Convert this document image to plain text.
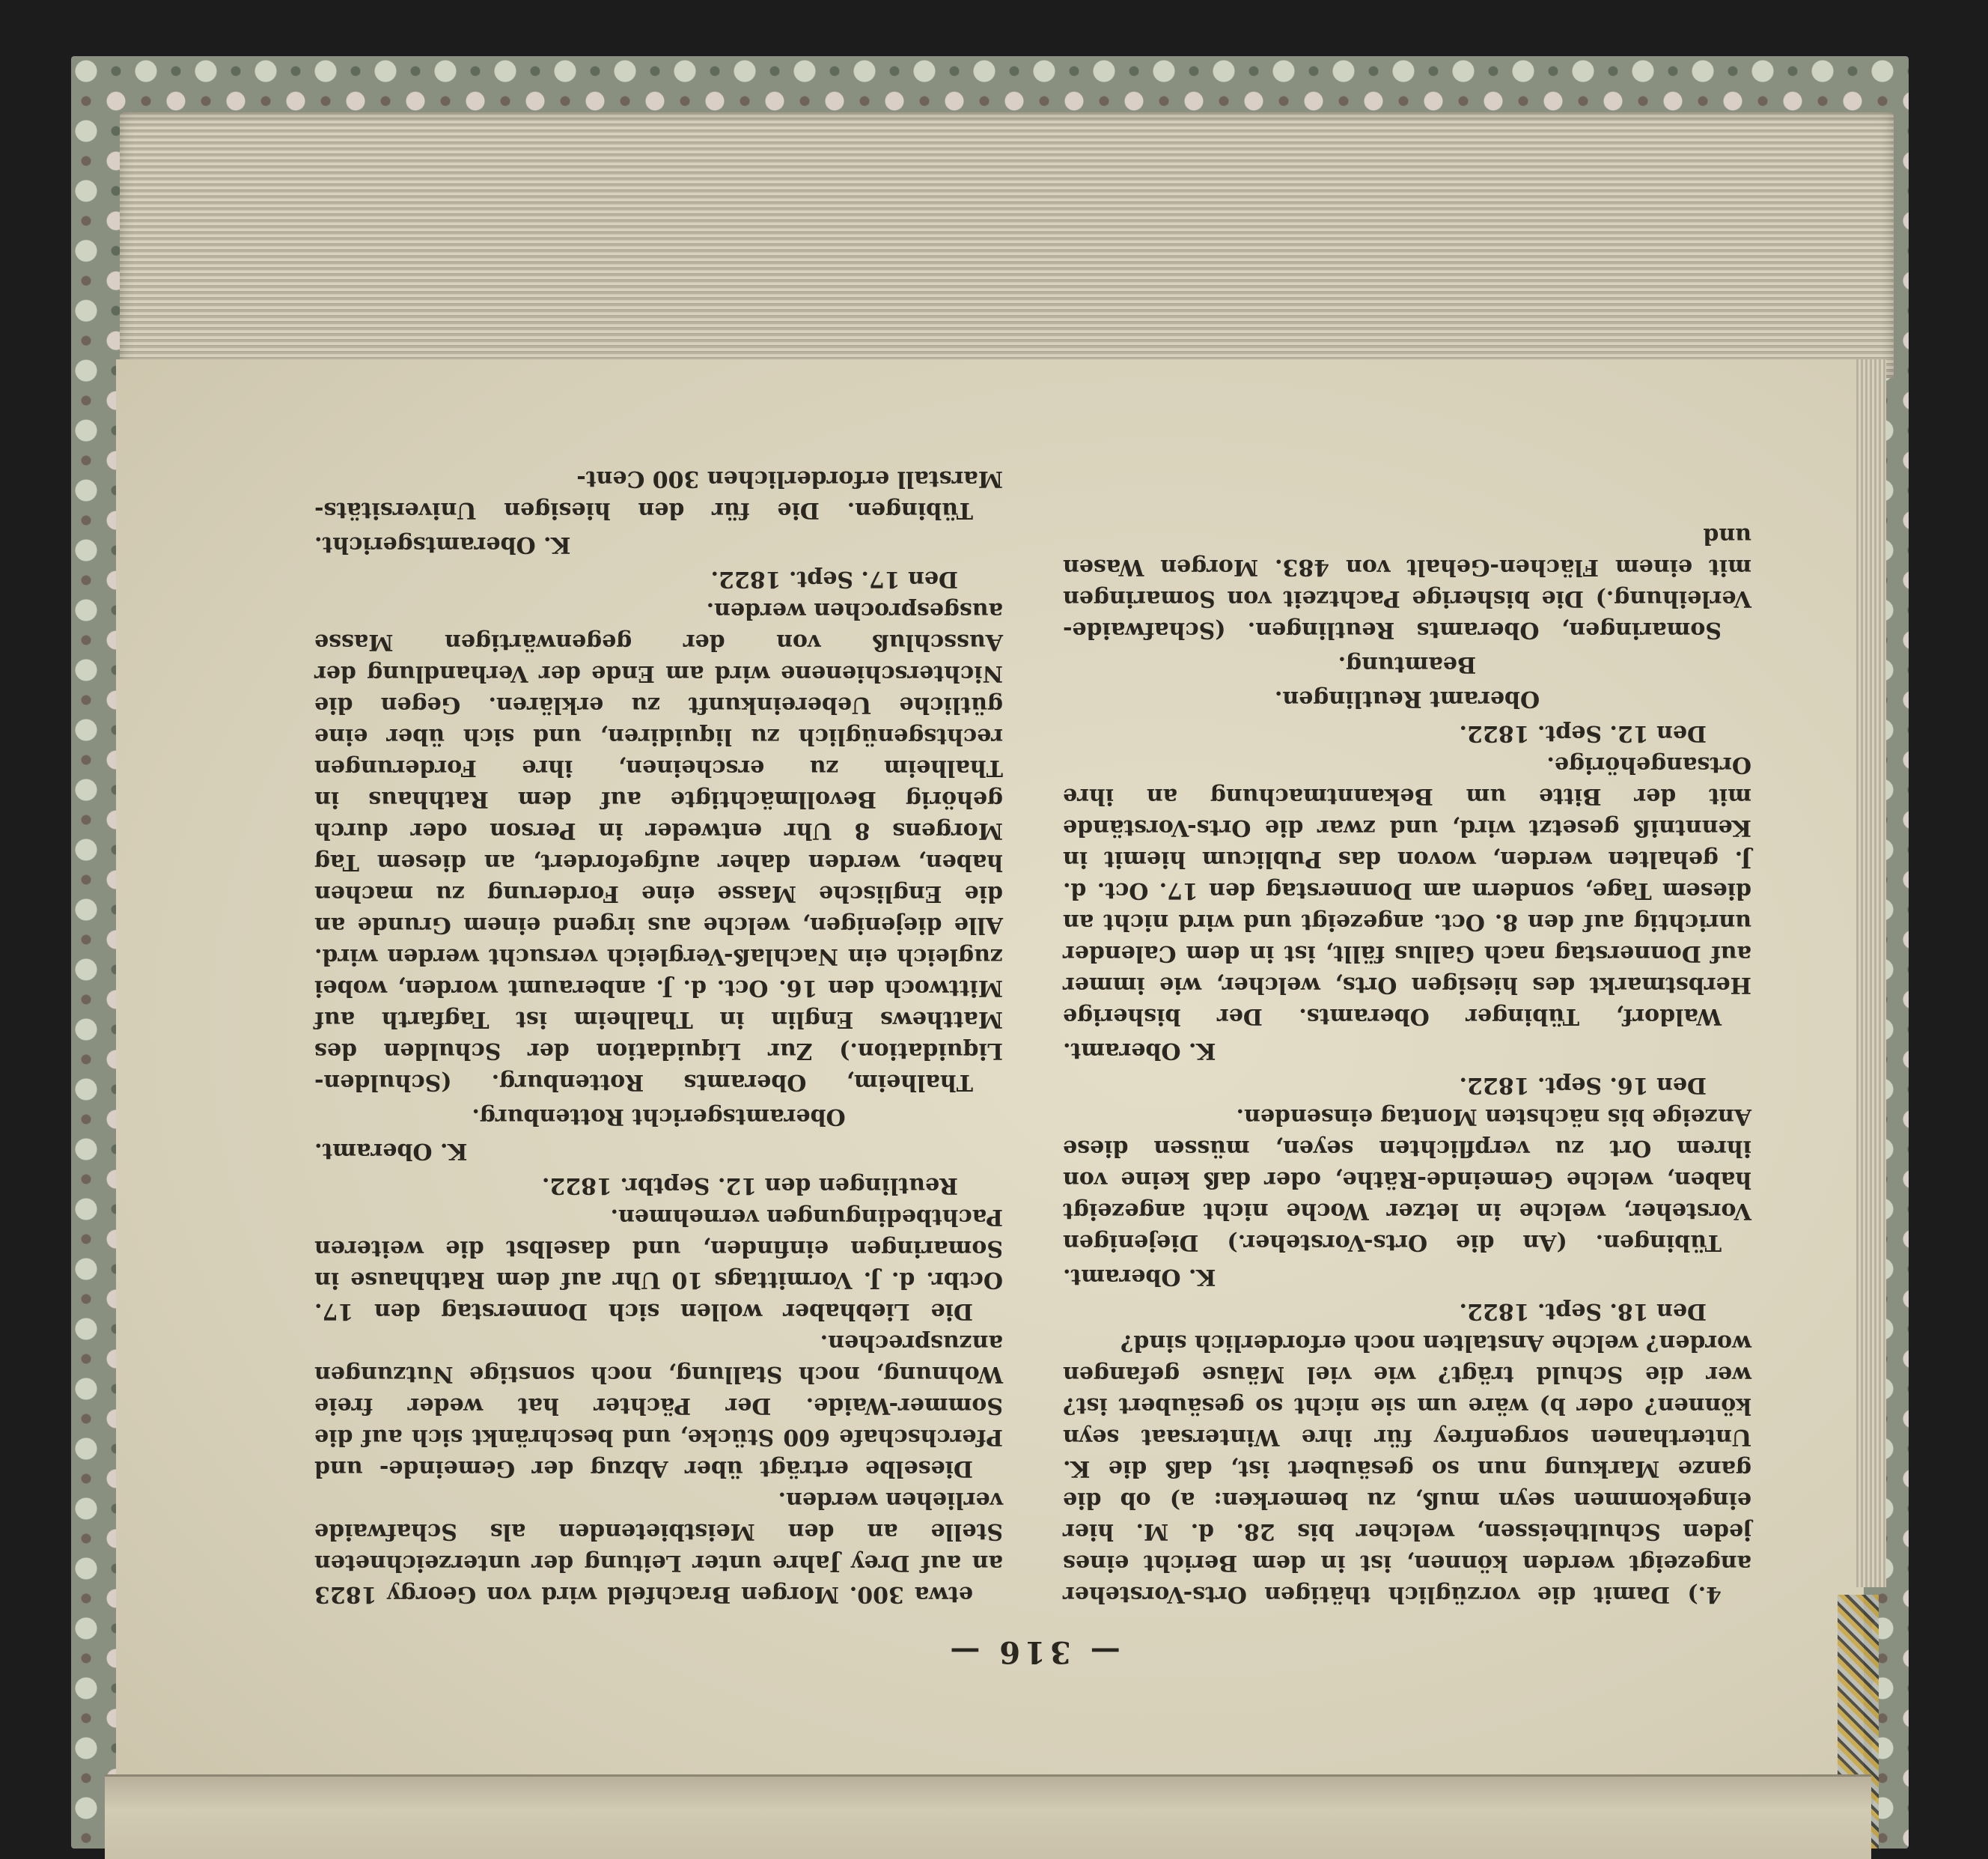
— 316 —

4.) Damit die vorzüglich thätigen Orts-Vorsteher angezeigt werden können, ist in dem Bericht eines jeden Schultheissen, welcher bis 28. d. M. hier eingekommen seyn muß, zu bemerken: a) ob die ganze Markung nun so gesäubert ist, daß die K. Unterthanen sorgenfrey für ihre Wintersaat seyn können? oder b) wäre um sie nicht so gesäubert ist? wer die Schuld trägt? wie viel Mäuse gefangen worden? welche Anstalten noch erforderlich sind?

Den 18. Sept. 1822.

K. Oberamt.

Tübingen. (An die Orts-Vorsteher.) Diejenigen Vorsteher, welche in letzer Woche nicht angezeigt haben, welche Gemeinde-Räthe, oder daß keine von ihrem Ort zu verpflichten seyen, müssen diese Anzeige bis nächsten Montag einsenden.

Den 16. Sept. 1822.

K. Oberamt.

Waldorf, Tübinger Oberamts. Der bisherige Herbstmarkt des hiesigen Orts, welcher, wie immer auf Donnerstag nach Gallus fällt, ist in dem Calender unrichtig auf den 8. Oct. angezeigt und wird nicht an diesem Tage, sondern am Donnerstag den 17. Oct. d. J. gehalten werden, wovon das Publicum hiemit in Kenntniß gesetzt wird, und zwar die Orts-Vorstände mit der Bitte um Bekanntmachung an ihre Ortsangehörige.

Den 12. Sept. 1822.

Oberamt Reutlingen.

Beamtung.

Somaringen, Oberamts Reutlingen. (Schafwaide-Verleihung.) Die bisherige Pachtzeit von Somaringen mit einem Flächen-Gehalt von 483. Morgen Wasen und

etwa 300. Morgen Brachfeld wird von Georgy 1823 an auf Drey Jahre unter Leitung der unterzeichneten Stelle an den Meistbietenden als Schafwaide verliehen werden.

Dieselbe erträgt über Abzug der Gemeinde- und Pferchschafe 600 Stücke, und beschränkt sich auf die Sommer-Waide. Der Pächter hat weder freie Wohnung, noch Stallung, noch sonstige Nutzungen anzusprechen.

Die Liebhaber wollen sich Donnerstag den 17. Octbr. d. J. Vormittags 10 Uhr auf dem Rathhause in Somaringen einfinden, und daselbst die weiteren Pachtbedingungen vernehmen.

Reutlingen den 12. Septbr. 1822.

K. Oberamt.

Oberamtsgericht Rottenburg.

Thalheim, Oberamts Rottenburg. (Schulden-Liquidation.) Zur Liquidation der Schulden des Matthews Englin in Thalheim ist Tagfarth auf Mittwoch den 16. Oct. d. J. anberaumt worden, wobei zugleich ein Nachlaß-Vergleich versucht werden wird. Alle diejenigen, welche aus irgend einem Grunde an die Englische Masse eine Forderung zu machen haben, werden daher aufgefordert, an diesem Tag Morgens 8 Uhr entweder in Person oder durch gehörig Bevollmächtigte auf dem Rathhaus in Thalheim zu erscheinen, ihre Forderungen rechtsgenüglich zu liquidiren, und sich über eine gütliche Uebereinkunft zu erklären. Gegen die Nichterschienene wird am Ende der Verhandlung der Ausschluß von der gegenwärtigen Masse ausgesprochen werden.

Den 17. Sept. 1822.

K. Oberamtsgericht.

Tübingen. Die für den hiesigen Universitäts-Marstall erforderlichen 300 Cent-
